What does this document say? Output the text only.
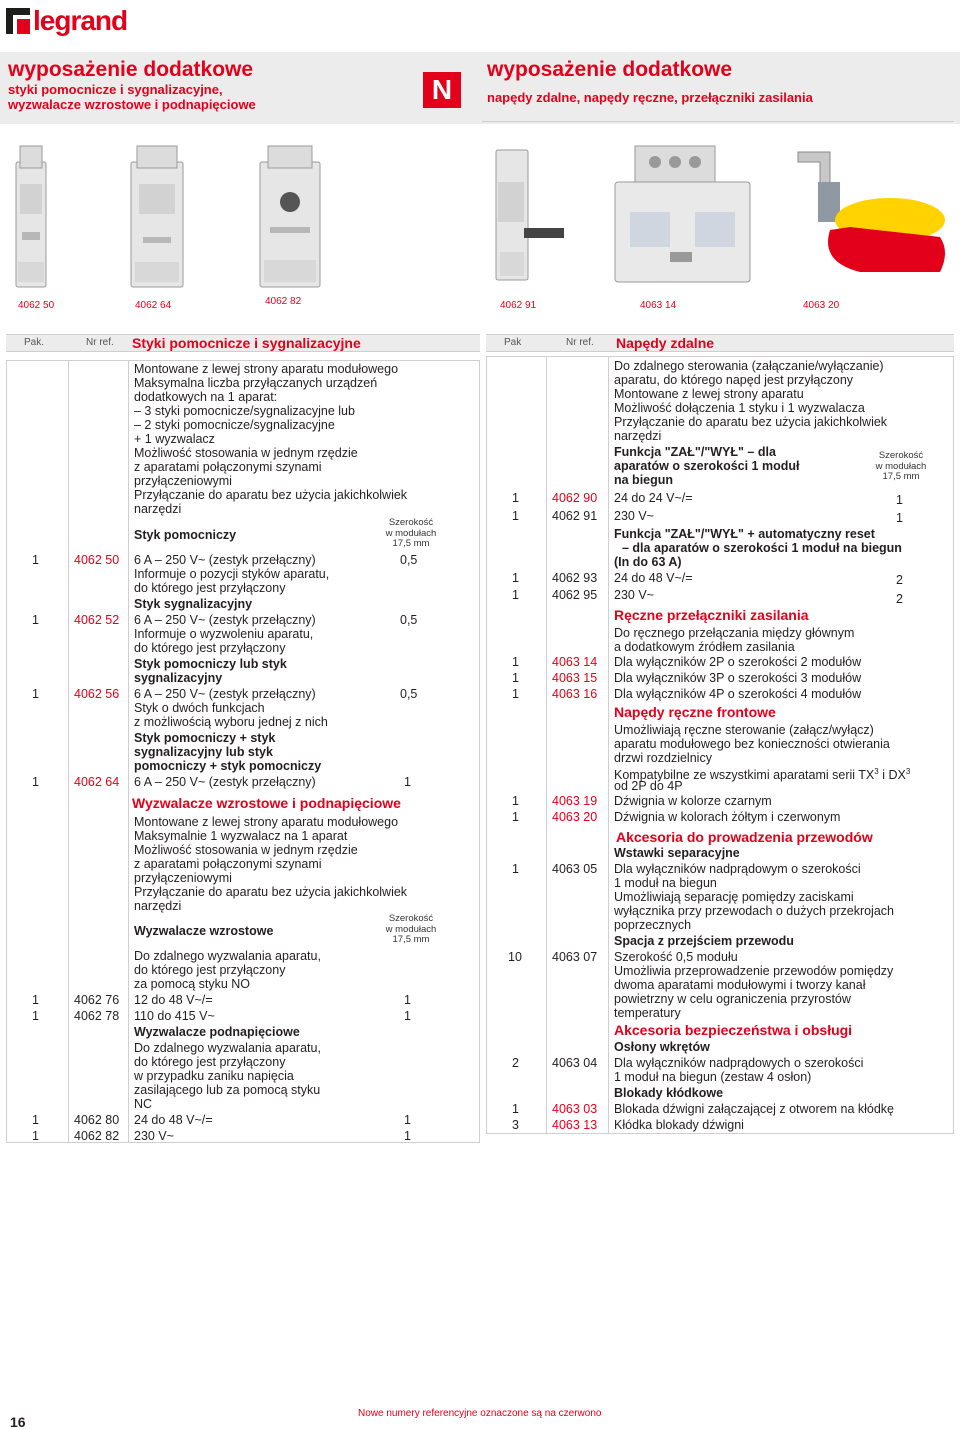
legrand
wyposażenie dodatkowe
styki pomocnicze i sygnalizacyjne,
wyzwalacze wzrostowe i podnapięciowe	N
wyposażenie dodatkowe
napędy zdalne, napędy ręczne, przełączniki zasilania
4062 50	4062 64	4062 82	4062 91	4063 14	4063 20
Pak.	Nr ref. Styki pomocnicze i sygnalizacyjne
Montowane z lewej strony aparatu modułowego
Maksymalna liczba przyłączanych urządzeń
dodatkowych na 1 aparat:
– 3 styki pomocnicze/sygnalizacyjne lub
– 2 styki pomocnicze/sygnalizacyjne
+ 1 wyzwalacz
Możliwość stosowania w jednym rzędzie
z aparatami połączonymi szynami
przyłączeniowymi
Przyłączanie do aparatu bez użycia jakichkolwiek
narzędzi
Szerokość
w modułach
17,5 mm
Styk pomocniczy
1	4062 50 6 A – 250 V~ (zestyk przełączny)	0,5
Informuje o pozycji styków aparatu,
do którego jest przyłączony
Styk sygnalizacyjny
1	4062 52 6 A – 250 V~ (zestyk przełączny)	0,5
Informuje o wyzwoleniu aparatu,
do którego jest przyłączony
Styk pomocniczy lub styk
sygnalizacyjny
1	4062 56 6 A – 250 V~ (zestyk przełączny)	0,5
Styk o dwóch funkcjach
z możliwością wyboru jednej z nich
Styk pomocniczy + styk
sygnalizacyjny lub styk
pomocniczy + styk pomocniczy
1	4062 64 6 A – 250 V~ (zestyk przełączny)	1
Wyzwalacze wzrostowe i podnapięciowe
Montowane z lewej strony aparatu modułowego
Maksymalnie 1 wyzwalacz na 1 aparat
Możliwość stosowania w jednym rzędzie
z aparatami połączonymi szynami
przyłączeniowymi
Przyłączanie do aparatu bez użycia jakichkolwiek
narzędzi
Szerokość
w modułach
17,5 mm
Wyzwalacze wzrostowe
Do zdalnego wyzwalania aparatu,
do którego jest przyłączony
za pomocą styku NO
1	4062 76 12 do 48 V~/=	1
1	4062 78 110 do 415 V~	1
Wyzwalacze podnapięciowe
Do zdalnego wyzwalania aparatu,
do którego jest przyłączony
w przypadku zaniku napięcia
zasilającego lub za pomocą styku
NC
1	4062 80 24 do 48 V~/=	1
1	4062 82 230 V~	1
Pak	Nr ref. Napędy zdalne
Do zdalnego sterowania (załączanie/wyłączanie)
aparatu, do którego napęd jest przyłączony
Montowane z lewej strony aparatu
Możliwość dołączenia 1 styku i 1 wyzwalacza
Przyłączanie do aparatu bez użycia jakichkolwiek
narzędzi
Funkcja "ZAŁ"/"WYŁ" – dla
aparatów o szerokości 1 moduł
na biegun
Szerokość
w modułach
17,5 mm
1	4062 90 24 do 24 V~/=	1
1	4062 91 230 V~	1
Funkcja "ZAŁ"/"WYŁ" + automatyczny reset
– dla aparatów o szerokości 1 moduł na biegun
(In do 63 A)
1	4062 93 24 do 48 V~/=	2
1	4062 95 230 V~	2
Ręczne przełączniki zasilania
Do ręcznego przełączania między głównym
a dodatkowym źródłem zasilania
1	4063 14 Dla wyłączników 2P o szerokości 2 modułów
1	4063 15 Dla wyłączników 3P o szerokości 3 modułów
1	4063 16 Dla wyłączników 4P o szerokości 4 modułów
Napędy ręczne frontowe
Umożliwiają ręczne sterowanie (załącz/wyłącz)
aparatu modułowego bez konieczności otwierania
drzwi rozdzielnicy
Kompatybilne ze wszystkimi aparatami serii $TX^3$ i $DX^3$
od 2P do 4P
1	4063 19 Dźwignia w kolorze czarnym
1	4063 20 Dźwignia w kolorach żółtym i czerwonym
Akcesoria do prowadzenia przewodów
Wstawki separacyjne
1	4063 05 Dla wyłączników nadprądowym o szerokości
1 moduł na biegun
Umożliwiają separację pomiędzy zaciskami
wyłącznika przy przewodach o dużych przekrojach
poprzecznych
Spacja z przejściem przewodu
10 4063 07 Szerokość 0,5 modułu
Umożliwia przeprowadzenie przewodów pomiędzy
dwoma aparatami modułowymi i tworzy kanał
powietrzny w celu ograniczenia przyrostów
temperatury
Akcesoria bezpieczeństwa i obsługi
Osłony wkrętów
2	4063 04 Dla wyłączników nadprądowych o szerokości
1 moduł na biegun (zestaw 4 osłon)
Blokady kłódkowe
1	4063 03 Blokada dźwigni załączającej z otworem na kłódkę
3	4063 13 Kłódka blokady dźwigni
16
Nowe numery referencyjne oznaczone są na czerwono
